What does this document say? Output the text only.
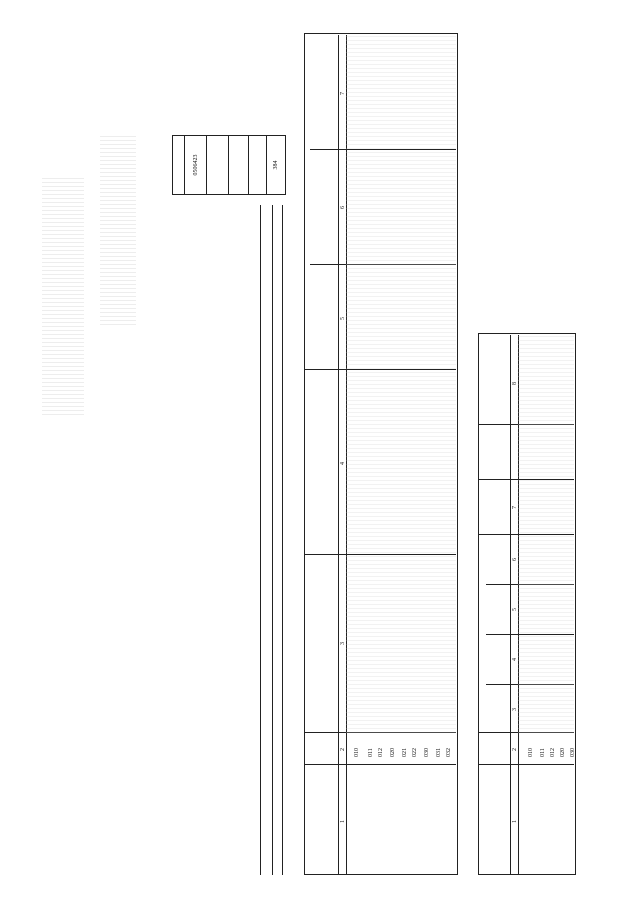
0506423	384
1
2
3
4
5
6
7
010 011 012 020 021 022 030 031 032
1
2
3
4
5
6
7
8
010 011 012 020 030
